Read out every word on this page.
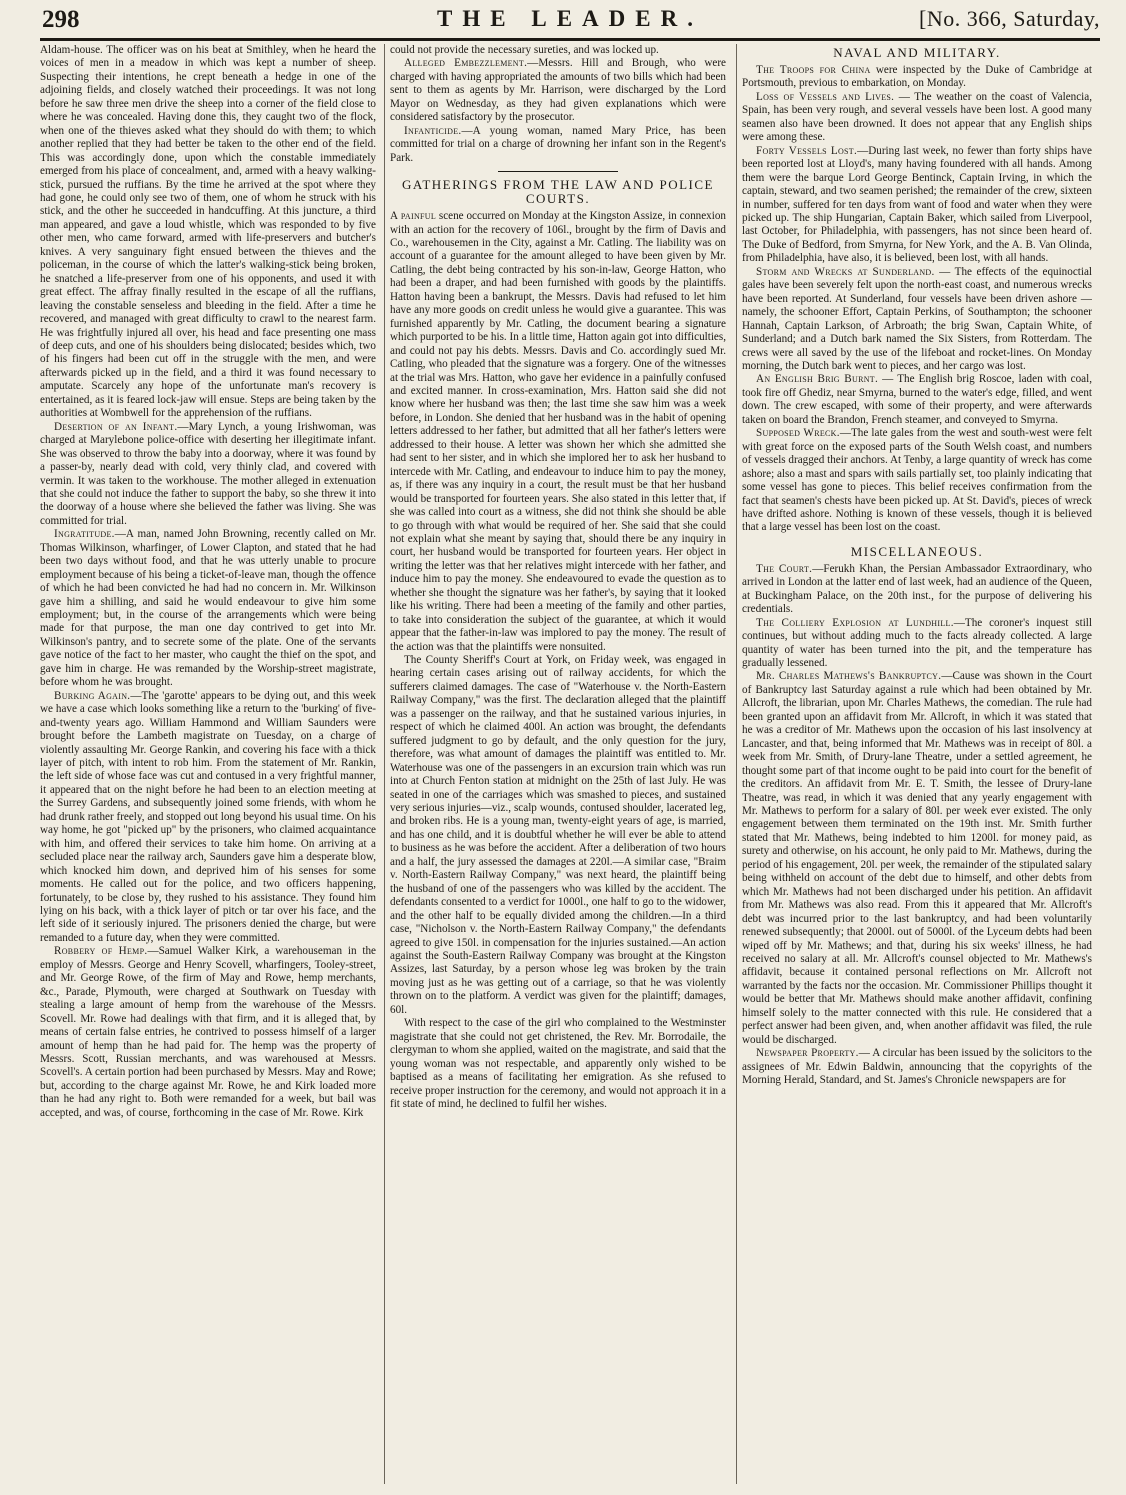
298	THE LEADER.	[No. 366, Saturday,

Aldam-house. The officer was on his beat at Smithley, when he heard the voices of men in a meadow in which was kept a number of sheep. Suspecting their intentions, he crept beneath a hedge in one of the adjoining fields, and closely watched their proceedings. It was not long before he saw three men drive the sheep into a corner of the field close to where he was concealed. Having done this, they caught two of the flock, when one of the thieves asked what they should do with them; to which another replied that they had better be taken to the other end of the field. This was accordingly done, upon which the constable immediately emerged from his place of concealment, and, armed with a heavy walking-stick, pursued the ruffians. By the time he arrived at the spot where they had gone, he could only see two of them, one of whom he struck with his stick, and the other he succeeded in handcuffing. At this juncture, a third man appeared, and gave a loud whistle, which was responded to by five other men, who came forward, armed with life-preservers and butcher's knives. A very sanguinary fight ensued between the thieves and the policeman, in the course of which the latter's walking-stick being broken, he snatched a life-preserver from one of his opponents, and used it with great effect. The affray finally resulted in the escape of all the ruffians, leaving the constable senseless and bleeding in the field. After a time he recovered, and managed with great difficulty to crawl to the nearest farm. He was frightfully injured all over, his head and face presenting one mass of deep cuts, and one of his shoulders being dislocated; besides which, two of his fingers had been cut off in the struggle with the men, and were afterwards picked up in the field, and a third it was found necessary to amputate. Scarcely any hope of the unfortunate man's recovery is entertained, as it is feared lock-jaw will ensue. Steps are being taken by the authorities at Wombwell for the apprehension of the ruffians.

Desertion of an Infant.—Mary Lynch, a young Irishwoman, was charged at Marylebone police-office with deserting her illegitimate infant. She was observed to throw the baby into a doorway, where it was found by a passer-by, nearly dead with cold, very thinly clad, and covered with vermin. It was taken to the workhouse. The mother alleged in extenuation that she could not induce the father to support the baby, so she threw it into the doorway of a house where she believed the father was living. She was committed for trial.

Ingratitude.—A man, named John Browning, recently called on Mr. Thomas Wilkinson, wharfinger, of Lower Clapton, and stated that he had been two days without food, and that he was utterly unable to procure employment because of his being a ticket-of-leave man, though the offence of which he had been convicted he had had no concern in. Mr. Wilkinson gave him a shilling, and said he would endeavour to give him some employment; but, in the course of the arrangements which were being made for that purpose, the man one day contrived to get into Mr. Wilkinson's pantry, and to secrete some of the plate. One of the servants gave notice of the fact to her master, who caught the thief on the spot, and gave him in charge. He was remanded by the Worship-street magistrate, before whom he was brought.

Burking Again.—The 'garotte' appears to be dying out, and this week we have a case which looks something like a return to the 'burking' of five-and-twenty years ago. William Hammond and William Saunders were brought before the Lambeth magistrate on Tuesday, on a charge of violently assaulting Mr. George Rankin, and covering his face with a thick layer of pitch, with intent to rob him. From the statement of Mr. Rankin, the left side of whose face was cut and contused in a very frightful manner, it appeared that on the night before he had been to an election meeting at the Surrey Gardens, and subsequently joined some friends, with whom he had drunk rather freely, and stopped out long beyond his usual time. On his way home, he got "picked up" by the prisoners, who claimed acquaintance with him, and offered their services to take him home. On arriving at a secluded place near the railway arch, Saunders gave him a desperate blow, which knocked him down, and deprived him of his senses for some moments. He called out for the police, and two officers happening, fortunately, to be close by, they rushed to his assistance. They found him lying on his back, with a thick layer of pitch or tar over his face, and the left side of it seriously injured. The prisoners denied the charge, but were remanded to a future day, when they were committed.

Robbery of Hemp.—Samuel Walker Kirk, a warehouseman in the employ of Messrs. George and Henry Scovell, wharfingers, Tooley-street, and Mr. George Rowe, of the firm of May and Rowe, hemp merchants, &c., Parade, Plymouth, were charged at Southwark on Tuesday with stealing a large amount of hemp from the warehouse of the Messrs. Scovell. Mr. Rowe had dealings with that firm, and it is alleged that, by means of certain false entries, he contrived to possess himself of a larger amount of hemp than he had paid for. The hemp was the property of Messrs. Scott, Russian merchants, and was warehoused at Messrs. Scovell's. A certain portion had been purchased by Messrs. May and Rowe; but, according to the charge against Mr. Rowe, he and Kirk loaded more than he had any right to. Both were remanded for a week, but bail was accepted, and was, of course, forthcoming in the case of Mr. Rowe. Kirk

could not provide the necessary sureties, and was locked up.

Alleged Embezzlement.—Messrs. Hill and Brough, who were charged with having appropriated the amounts of two bills which had been sent to them as agents by Mr. Harrison, were discharged by the Lord Mayor on Wednesday, as they had given explanations which were considered satisfactory by the prosecutor.

Infanticide.—A young woman, named Mary Price, has been committed for trial on a charge of drowning her infant son in the Regent's Park.

GATHERINGS FROM THE LAW AND POLICE COURTS.

A painful scene occurred on Monday at the Kingston Assize, in connexion with an action for the recovery of 106l., brought by the firm of Davis and Co., warehousemen in the City, against a Mr. Catling. The liability was on account of a guarantee for the amount alleged to have been given by Mr. Catling, the debt being contracted by his son-in-law, George Hatton, who had been a draper, and had been furnished with goods by the plaintiffs. Hatton having been a bankrupt, the Messrs. Davis had refused to let him have any more goods on credit unless he would give a guarantee. This was furnished apparently by Mr. Catling, the document bearing a signature which purported to be his. In a little time, Hatton again got into difficulties, and could not pay his debts. Messrs. Davis and Co. accordingly sued Mr. Catling, who pleaded that the signature was a forgery. One of the witnesses at the trial was Mrs. Hatton, who gave her evidence in a painfully confused and excited manner. In cross-examination, Mrs. Hatton said she did not know where her husband was then; the last time she saw him was a week before, in London. She denied that her husband was in the habit of opening letters addressed to her father, but admitted that all her father's letters were addressed to their house. A letter was shown her which she admitted she had sent to her sister, and in which she implored her to ask her husband to intercede with Mr. Catling, and endeavour to induce him to pay the money, as, if there was any inquiry in a court, the result must be that her husband would be transported for fourteen years. She also stated in this letter that, if she was called into court as a witness, she did not think she should be able to go through with what would be required of her. She said that she could not explain what she meant by saying that, should there be any inquiry in court, her husband would be transported for fourteen years. Her object in writing the letter was that her relatives might intercede with her father, and induce him to pay the money. She endeavoured to evade the question as to whether she thought the signature was her father's, by saying that it looked like his writing. There had been a meeting of the family and other parties, to take into consideration the subject of the guarantee, at which it would appear that the father-in-law was implored to pay the money. The result of the action was that the plaintiffs were nonsuited.

The County Sheriff's Court at York, on Friday week, was engaged in hearing certain cases arising out of railway accidents, for which the sufferers claimed damages. The case of "Waterhouse v. the North-Eastern Railway Company," was the first. The declaration alleged that the plaintiff was a passenger on the railway, and that he sustained various injuries, in respect of which he claimed 400l. An action was brought, the defendants suffered judgment to go by default, and the only question for the jury, therefore, was what amount of damages the plaintiff was entitled to. Mr. Waterhouse was one of the passengers in an excursion train which was run into at Church Fenton station at midnight on the 25th of last July. He was seated in one of the carriages which was smashed to pieces, and sustained very serious injuries—viz., scalp wounds, contused shoulder, lacerated leg, and broken ribs. He is a young man, twenty-eight years of age, is married, and has one child, and it is doubtful whether he will ever be able to attend to business as he was before the accident. After a deliberation of two hours and a half, the jury assessed the damages at 220l.—A similar case, "Braim v. North-Eastern Railway Company," was next heard, the plaintiff being the husband of one of the passengers who was killed by the accident. The defendants consented to a verdict for 1000l., one half to go to the widower, and the other half to be equally divided among the children.—In a third case, "Nicholson v. the North-Eastern Railway Company," the defendants agreed to give 150l. in compensation for the injuries sustained.—An action against the South-Eastern Railway Company was brought at the Kingston Assizes, last Saturday, by a person whose leg was broken by the train moving just as he was getting out of a carriage, so that he was violently thrown on to the platform. A verdict was given for the plaintiff; damages, 60l.

With respect to the case of the girl who complained to the Westminster magistrate that she could not get christened, the Rev. Mr. Borrodaile, the clergyman to whom she applied, waited on the magistrate, and said that the young woman was not respectable, and apparently only wished to be baptised as a means of facilitating her emigration. As she refused to receive proper instruction for the ceremony, and would not approach it in a fit state of mind, he declined to fulfil her wishes.

NAVAL AND MILITARY.

The Troops for China were inspected by the Duke of Cambridge at Portsmouth, previous to embarkation, on Monday.

Loss of Vessels and Lives. — The weather on the coast of Valencia, Spain, has been very rough, and several vessels have been lost. A good many seamen also have been drowned. It does not appear that any English ships were among these.

Forty Vessels Lost.—During last week, no fewer than forty ships have been reported lost at Lloyd's, many having foundered with all hands. Among them were the barque Lord George Bentinck, Captain Irving, in which the captain, steward, and two seamen perished; the remainder of the crew, sixteen in number, suffered for ten days from want of food and water when they were picked up. The ship Hungarian, Captain Baker, which sailed from Liverpool, last October, for Philadelphia, with passengers, has not since been heard of. The Duke of Bedford, from Smyrna, for New York, and the A. B. Van Olinda, from Philadelphia, have also, it is believed, been lost, with all hands.

Storm and Wrecks at Sunderland. — The effects of the equinoctial gales have been severely felt upon the north-east coast, and numerous wrecks have been reported. At Sunderland, four vessels have been driven ashore — namely, the schooner Effort, Captain Perkins, of Southampton; the schooner Hannah, Captain Larkson, of Arbroath; the brig Swan, Captain White, of Sunderland; and a Dutch bark named the Six Sisters, from Rotterdam. The crews were all saved by the use of the lifeboat and rocket-lines. On Monday morning, the Dutch bark went to pieces, and her cargo was lost.

An English Brig Burnt. — The English brig Roscoe, laden with coal, took fire off Ghediz, near Smyrna, burned to the water's edge, filled, and went down. The crew escaped, with some of their property, and were afterwards taken on board the Brandon, French steamer, and conveyed to Smyrna.

Supposed Wreck.—The late gales from the west and south-west were felt with great force on the exposed parts of the South Welsh coast, and numbers of vessels dragged their anchors. At Tenby, a large quantity of wreck has come ashore; also a mast and spars with sails partially set, too plainly indicating that some vessel has gone to pieces. This belief receives confirmation from the fact that seamen's chests have been picked up. At St. David's, pieces of wreck have drifted ashore. Nothing is known of these vessels, though it is believed that a large vessel has been lost on the coast.

MISCELLANEOUS.

The Court.—Ferukh Khan, the Persian Ambassador Extraordinary, who arrived in London at the latter end of last week, had an audience of the Queen, at Buckingham Palace, on the 20th inst., for the purpose of delivering his credentials.

The Colliery Explosion at Lundhill.—The coroner's inquest still continues, but without adding much to the facts already collected. A large quantity of water has been turned into the pit, and the temperature has gradually lessened.

Mr. Charles Mathews's Bankruptcy.—Cause was shown in the Court of Bankruptcy last Saturday against a rule which had been obtained by Mr. Allcroft, the librarian, upon Mr. Charles Mathews, the comedian. The rule had been granted upon an affidavit from Mr. Allcroft, in which it was stated that he was a creditor of Mr. Mathews upon the occasion of his last insolvency at Lancaster, and that, being informed that Mr. Mathews was in receipt of 80l. a week from Mr. Smith, of Drury-lane Theatre, under a settled agreement, he thought some part of that income ought to be paid into court for the benefit of the creditors. An affidavit from Mr. E. T. Smith, the lessee of Drury-lane Theatre, was read, in which it was denied that any yearly engagement with Mr. Mathews to perform for a salary of 80l. per week ever existed. The only engagement between them terminated on the 19th inst. Mr. Smith further stated that Mr. Mathews, being indebted to him 1200l. for money paid, as surety and otherwise, on his account, he only paid to Mr. Mathews, during the period of his engagement, 20l. per week, the remainder of the stipulated salary being withheld on account of the debt due to himself, and other debts from which Mr. Mathews had not been discharged under his petition. An affidavit from Mr. Mathews was also read. From this it appeared that Mr. Allcroft's debt was incurred prior to the last bankruptcy, and had been voluntarily renewed subsequently; that 2000l. out of 5000l. of the Lyceum debts had been wiped off by Mr. Mathews; and that, during his six weeks' illness, he had received no salary at all. Mr. Allcroft's counsel objected to Mr. Mathews's affidavit, because it contained personal reflections on Mr. Allcroft not warranted by the facts nor the occasion. Mr. Commissioner Phillips thought it would be better that Mr. Mathews should make another affidavit, confining himself solely to the matter connected with this rule. He considered that a perfect answer had been given, and, when another affidavit was filed, the rule would be discharged.

Newspaper Property.— A circular has been issued by the solicitors to the assignees of Mr. Edwin Baldwin, announcing that the copyrights of the Morning Herald, Standard, and St. James's Chronicle newspapers are for
